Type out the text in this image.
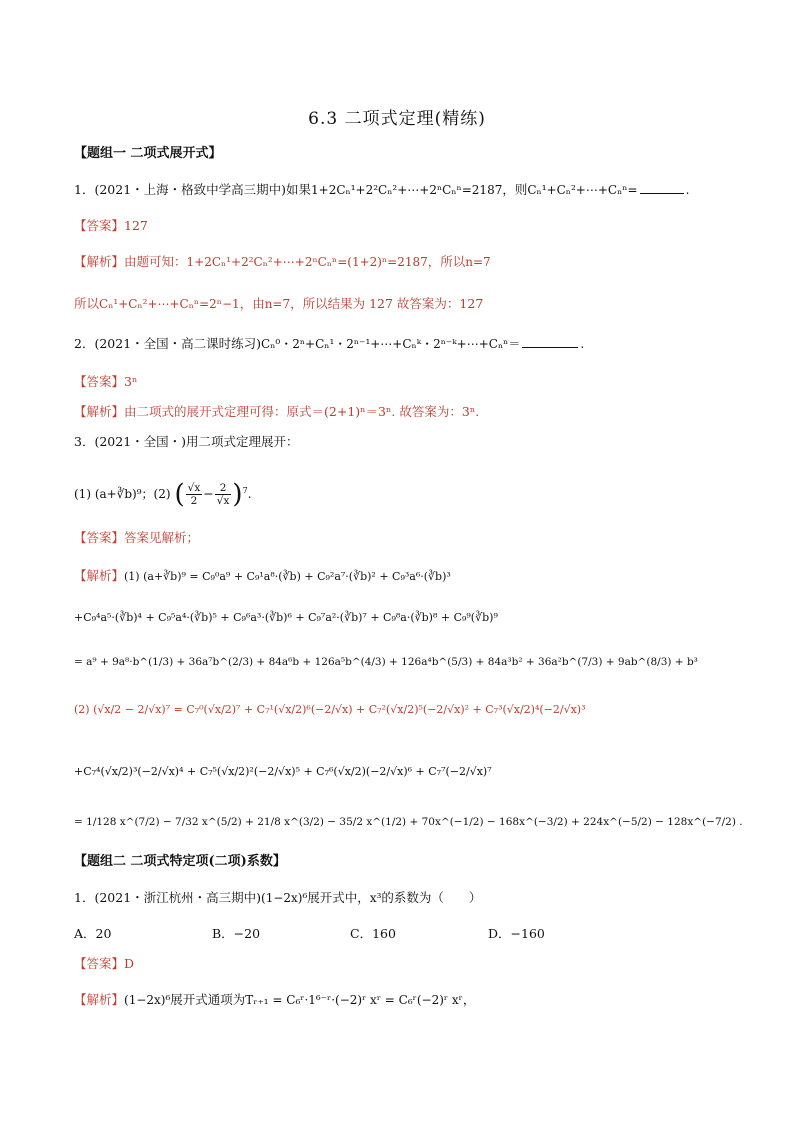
6.3 二项式定理(精练)
【题组一 二项式展开式】
1．(2021・上海・格致中学高三期中)如果1+2Cₙ¹+2²Cₙ²+⋯+2ⁿCₙⁿ=2187，则Cₙ¹+Cₙ²+⋯+Cₙⁿ=	.
【答案】127
【解析】由题可知：1+2Cₙ¹+2²Cₙ²+⋯+2ⁿCₙⁿ=(1+2)ⁿ=2187，所以n=7
所以Cₙ¹+Cₙ²+⋯+Cₙⁿ=2ⁿ−1，由n=7，所以结果为 127 故答案为：127
2．(2021・全国・高二课时练习)Cₙ⁰・2ⁿ+Cₙ¹・2ⁿ⁻¹+⋯+Cₙᵏ・2ⁿ⁻ᵏ+⋯+Cₙⁿ＝	.
【答案】3ⁿ
【解析】由二项式的展开式定理可得：原式＝(2+1)ⁿ＝3ⁿ. 故答案为：3ⁿ.
3．(2021・全国・)用二项式定理展开：
(1) (a+∛b)⁹；(2) ( $\frac{√x}{2} - \frac{2}{√x} )^7$.
【答案】答案见解析；
【解析】(1) (a+∛b)⁹ = C₉⁰a⁹ + C₉¹a⁸·(∛b) + C₉²a⁷·(∛b)² + C₉³a⁶·(∛b)³
+C₉⁴a⁵·(∛b)⁴ + C₉⁵a⁴·(∛b)⁵ + C₉⁶a³·(∛b)⁶ + C₉⁷a²·(∛b)⁷ + C₉⁸a·(∛b)⁸ + C₉⁹(∛b)⁹
= a⁹ + 9a⁸·b^(1/3) + 36a⁷b^(2/3) + 84a⁶b + 126a⁵b^(4/3) + 126a⁴b^(5/3) + 84a³b² + 36a²b^(7/3) + 9ab^(8/3) + b³
(2) (√x/2 − 2/√x)⁷ = C₇⁰(√x/2)⁷ + C₇¹(√x/2)⁶(−2/√x) + C₇²(√x/2)⁵(−2/√x)² + C₇³(√x/2)⁴(−2/√x)³
+C₇⁴(√x/2)³(−2/√x)⁴ + C₇⁵(√x/2)²(−2/√x)⁵ + C₇⁶(√x/2)(−2/√x)⁶ + C₇⁷(−2/√x)⁷
= 1/128 x^(7/2) − 7/32 x^(5/2) + 21/8 x^(3/2) − 35/2 x^(1/2) + 70x^(−1/2) − 168x^(−3/2) + 224x^(−5/2) − 128x^(−7/2) .
【题组二 二项式特定项(二项)系数】
1．(2021・浙江杭州・高三期中)(1−2x)⁶展开式中，x³的系数为（　　）
A．20	B．−20	C．160	D．−160
【答案】D
【解析】(1−2x)⁶展开式通项为Tᵣ₊₁ = C₆ʳ·1⁶⁻ʳ·(−2)ʳ xʳ = C₆ʳ(−2)ʳ xʳ，
